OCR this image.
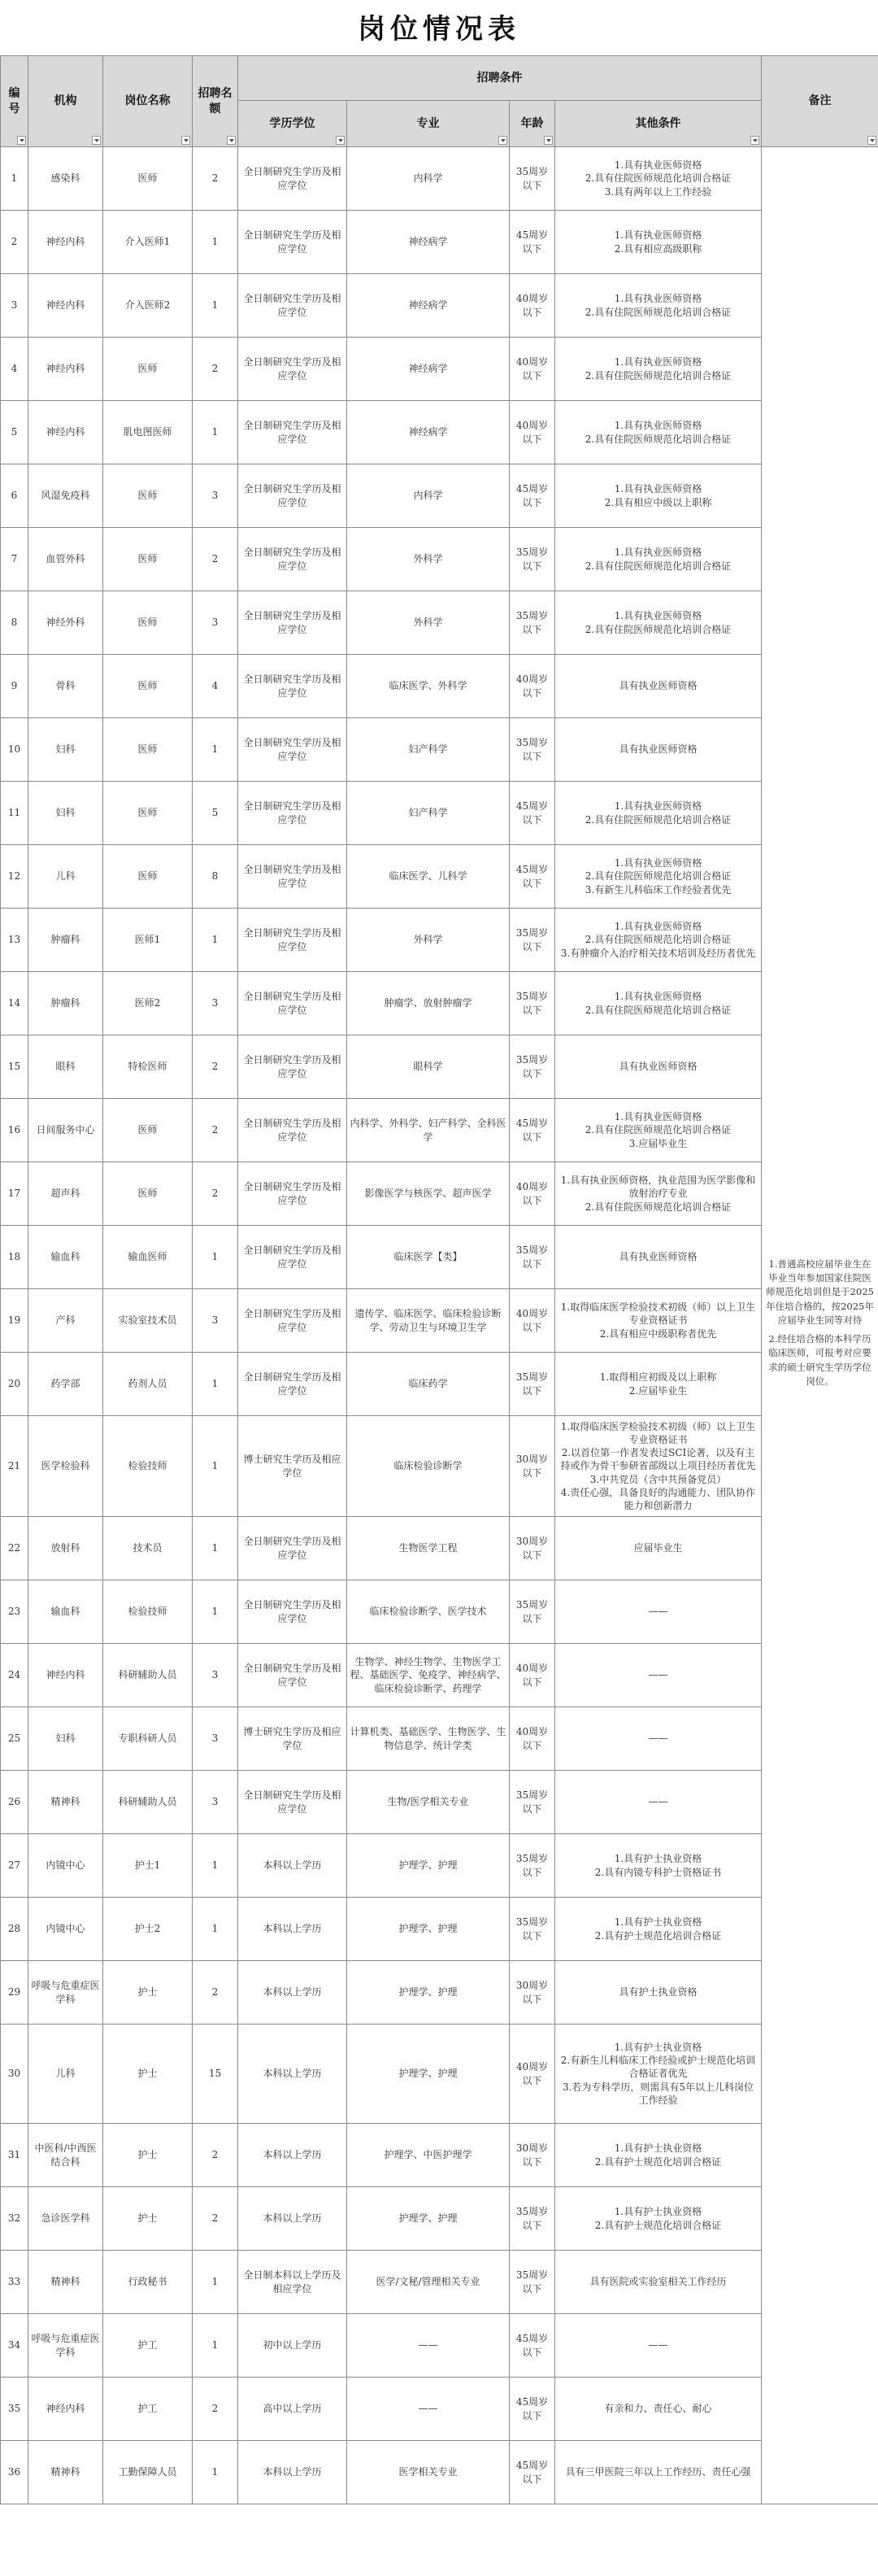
岗位情况表
编号	机构	岗位名称	招聘名额	招聘条件				备注

				学历学位	专业	年龄	其他条件	

1	感染科	医师	2	全日制研究生学历及相应学位	内科学	35周岁以下	1.具有执业医师资格
2.具有住院医师规范化培训合格证
3.具有两年以上工作经验	1.普通高校应届毕业生在毕业当年参加国家住院医师规范化培训但是于2025年住培合格的，按2025年应届毕业生同等对待
2.经住培合格的本科学历临床医师，可报考对应要求的硕士研究生学历学位岗位。

2	神经内科	介入医师1	1	全日制研究生学历及相应学位	神经病学	45周岁以下	1.具有执业医师资格
2.具有相应高级职称	

3	神经内科	介入医师2	1	全日制研究生学历及相应学位	神经病学	40周岁以下	1.具有执业医师资格
2.具有住院医师规范化培训合格证	

4	神经内科	医师	2	全日制研究生学历及相应学位	神经病学	40周岁以下	1.具有执业医师资格
2.具有住院医师规范化培训合格证	

5	神经内科	肌电图医师	1	全日制研究生学历及相应学位	神经病学	40周岁以下	1.具有执业医师资格
2.具有住院医师规范化培训合格证	

6	风湿免疫科	医师	3	全日制研究生学历及相应学位	内科学	45周岁以下	1.具有执业医师资格
2.具有相应中级以上职称	

7	血管外科	医师	2	全日制研究生学历及相应学位	外科学	35周岁以下	1.具有执业医师资格
2.具有住院医师规范化培训合格证	

8	神经外科	医师	3	全日制研究生学历及相应学位	外科学	35周岁以下	1.具有执业医师资格
2.具有住院医师规范化培训合格证	

9	骨科	医师	4	全日制研究生学历及相应学位	临床医学、外科学	40周岁以下	具有执业医师资格	

10	妇科	医师	1	全日制研究生学历及相应学位	妇产科学	35周岁以下	具有执业医师资格	

11	妇科	医师	5	全日制研究生学历及相应学位	妇产科学	45周岁以下	1.具有执业医师资格
2.具有住院医师规范化培训合格证	

12	儿科	医师	8	全日制研究生学历及相应学位	临床医学、儿科学	45周岁以下	1.具有执业医师资格
2.具有住院医师规范化培训合格证
3.有新生儿科临床工作经验者优先	

13	肿瘤科	医师1	1	全日制研究生学历及相应学位	外科学	35周岁以下	1.具有执业医师资格
2.具有住院医师规范化培训合格证
3.有肿瘤介入治疗相关技术培训及经历者优先	

14	肿瘤科	医师2	3	全日制研究生学历及相应学位	肿瘤学、放射肿瘤学	35周岁以下	1.具有执业医师资格
2.具有住院医师规范化培训合格证	

15	眼科	特检医师	2	全日制研究生学历及相应学位	眼科学	35周岁以下	具有执业医师资格	

16	日间服务中心	医师	2	全日制研究生学历及相应学位	内科学、外科学、妇产科学、全科医学	45周岁以下	1.具有执业医师资格
2.具有住院医师规范化培训合格证
3.应届毕业生	

17	超声科	医师	2	全日制研究生学历及相应学位	影像医学与核医学、超声医学	40周岁以下	1.具有执业医师资格，执业范围为医学影像和放射治疗专业
2.具有住院医师规范化培训合格证	

18	输血科	输血医师	1	全日制研究生学历及相应学位	临床医学【类】	35周岁以下	具有执业医师资格	

19	产科	实验室技术员	3	全日制研究生学历及相应学位	遗传学、临床医学、临床检验诊断学、劳动卫生与环境卫生学	40周岁以下	1.取得临床医学检验技术初级（师）以上卫生专业资格证书
2.具有相应中级职称者优先	

20	药学部	药剂人员	1	全日制研究生学历及相应学位	临床药学	35周岁以下	1.取得相应初级及以上职称
2.应届毕业生	

21	医学检验科	检验技师	1	博士研究生学历及相应学位	临床检验诊断学	30周岁以下	1.取得临床医学检验技术初级（师）以上卫生专业资格证书
2.以首位第一作者发表过SCI论著，以及有主持或作为骨干参研省部级以上项目经历者优先
3.中共党员（含中共预备党员）
4.责任心强，具备良好的沟通能力、团队协作能力和创新潜力	

22	放射科	技术员	1	全日制研究生学历及相应学位	生物医学工程	30周岁以下	应届毕业生	

23	输血科	检验技师	1	全日制研究生学历及相应学位	临床检验诊断学、医学技术	35周岁以下	——	

24	神经内科	科研辅助人员	3	全日制研究生学历及相应学位	生物学、神经生物学、生物医学工程、基础医学、免疫学、神经病学、临床检验诊断学、药理学	40周岁以下	——	

25	妇科	专职科研人员	3	博士研究生学历及相应学位	计算机类、基础医学、生物医学、生物信息学、统计学类	40周岁以下	——	

26	精神科	科研辅助人员	3	全日制研究生学历及相应学位	生物/医学相关专业	35周岁以下	——	

27	内镜中心	护士1	1	本科以上学历	护理学、护理	35周岁以下	1.具有护士执业资格
2.具有内镜专科护士资格证书	

28	内镜中心	护士2	1	本科以上学历	护理学、护理	35周岁以下	1.具有护士执业资格
2.具有护士规范化培训合格证	

29	呼吸与危重症医学科	护士	2	本科以上学历	护理学、护理	30周岁以下	具有护士执业资格	

30	儿科	护士	15	本科以上学历	护理学、护理	40周岁以下	1.具有护士执业资格
2.有新生儿科临床工作经验或护士规范化培训合格证者优先
3.若为专科学历，则需具有5年以上儿科岗位工作经验	

31	中医科/中西医结合科	护士	2	本科以上学历	护理学、中医护理学	30周岁以下	1.具有护士执业资格
2.具有护士规范化培训合格证	

32	急诊医学科	护士	2	本科以上学历	护理学、护理	35周岁以下	1.具有护士执业资格
2.具有护士规范化培训合格证	

33	精神科	行政秘书	1	全日制本科以上学历及相应学位	医学/文秘/管理相关专业	35周岁以下	具有医院或实验室相关工作经历	

34	呼吸与危重症医学科	护工	1	初中以上学历	——	45周岁以下	——	

35	神经内科	护工	2	高中以上学历	——	45周岁以下	有亲和力、责任心、耐心	

36	精神科	工勤保障人员	1	本科以上学历	医学相关专业	45周岁以下	具有三甲医院三年以上工作经历、责任心强	
